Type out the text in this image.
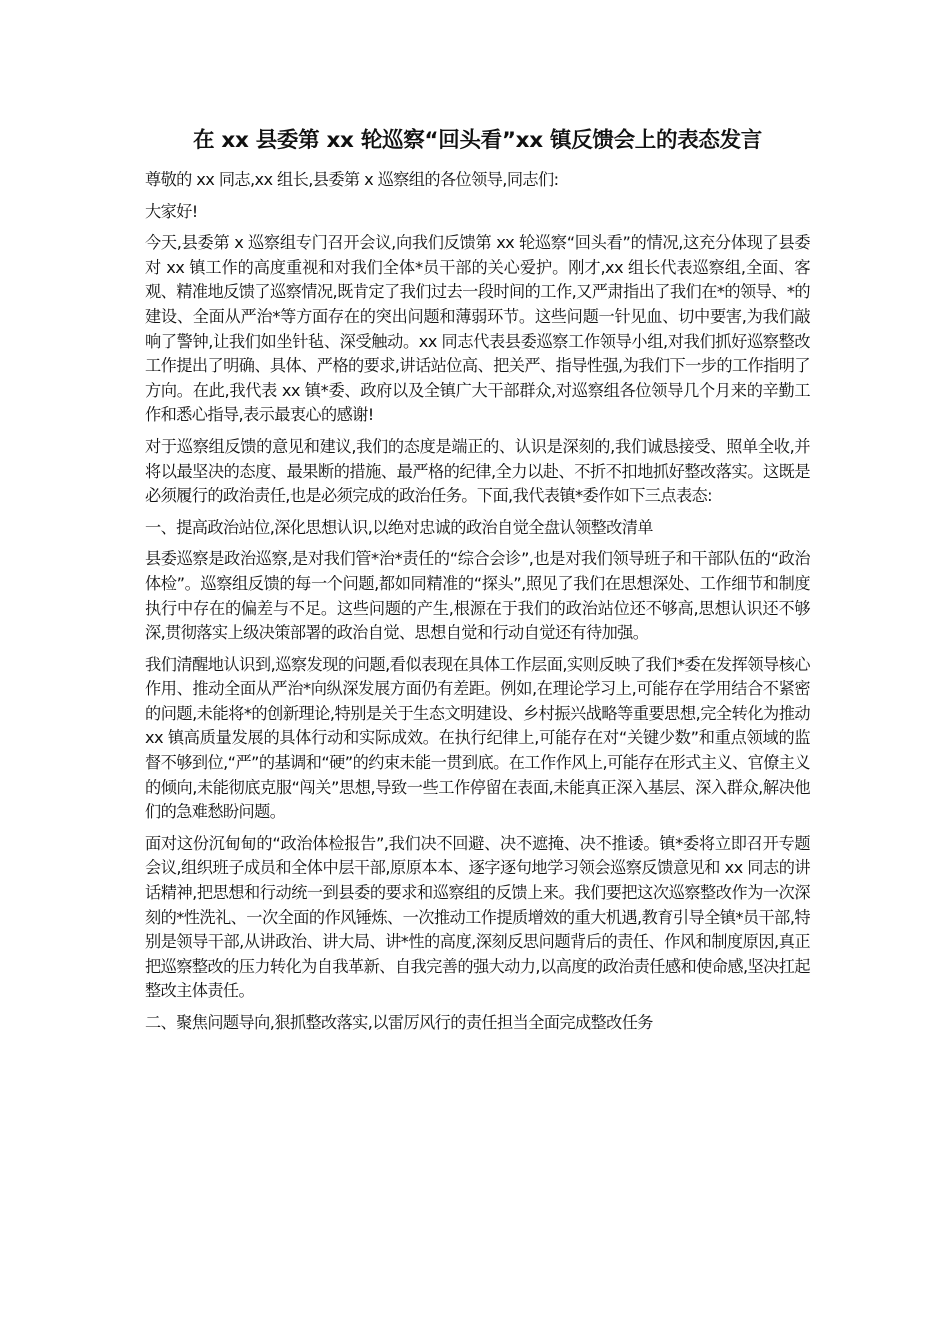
在 xx 县委第 xx 轮巡察“回头看”xx 镇反馈会上的表态发言

尊敬的 xx 同志,xx 组长,县委第 x 巡察组的各位领导,同志们:

大家好!

今天,县委第 x 巡察组专门召开会议,向我们反馈第 xx 轮巡察“回头看”的情况,这充分体现了县委对 xx 镇工作的高度重视和对我们全体*员干部的关心爱护。刚才,xx 组长代表巡察组,全面、客观、精准地反馈了巡察情况,既肯定了我们过去一段时间的工作,又严肃指出了我们在*的领导、*的建设、全面从严治*等方面存在的突出问题和薄弱环节。这些问题一针见血、切中要害,为我们敲响了警钟,让我们如坐针毡、深受触动。xx 同志代表县委巡察工作领导小组,对我们抓好巡察整改工作提出了明确、具体、严格的要求,讲话站位高、把关严、指导性强,为我们下一步的工作指明了方向。在此,我代表 xx 镇*委、政府以及全镇广大干部群众,对巡察组各位领导几个月来的辛勤工作和悉心指导,表示最衷心的感谢!

对于巡察组反馈的意见和建议,我们的态度是端正的、认识是深刻的,我们诚恳接受、照单全收,并将以最坚决的态度、最果断的措施、最严格的纪律,全力以赴、不折不扣地抓好整改落实。这既是必须履行的政治责任,也是必须完成的政治任务。下面,我代表镇*委作如下三点表态:

一、提高政治站位,深化思想认识,以绝对忠诚的政治自觉全盘认领整改清单

县委巡察是政治巡察,是对我们管*治*责任的“综合会诊”,也是对我们领导班子和干部队伍的“政治体检”。巡察组反馈的每一个问题,都如同精准的“探头”,照见了我们在思想深处、工作细节和制度执行中存在的偏差与不足。这些问题的产生,根源在于我们的政治站位还不够高,思想认识还不够深,贯彻落实上级决策部署的政治自觉、思想自觉和行动自觉还有待加强。

我们清醒地认识到,巡察发现的问题,看似表现在具体工作层面,实则反映了我们*委在发挥领导核心作用、推动全面从严治*向纵深发展方面仍有差距。例如,在理论学习上,可能存在学用结合不紧密的问题,未能将*的创新理论,特别是关于生态文明建设、乡村振兴战略等重要思想,完全转化为推动 xx 镇高质量发展的具体行动和实际成效。在执行纪律上,可能存在对“关键少数”和重点领域的监督不够到位,“严”的基调和“硬”的约束未能一贯到底。在工作作风上,可能存在形式主义、官僚主义的倾向,未能彻底克服“闯关”思想,导致一些工作停留在表面,未能真正深入基层、深入群众,解决他们的急难愁盼问题。

面对这份沉甸甸的“政治体检报告”,我们决不回避、决不遮掩、决不推诿。镇*委将立即召开专题会议,组织班子成员和全体中层干部,原原本本、逐字逐句地学习领会巡察反馈意见和 xx 同志的讲话精神,把思想和行动统一到县委的要求和巡察组的反馈上来。我们要把这次巡察整改作为一次深刻的*性洗礼、一次全面的作风锤炼、一次推动工作提质增效的重大机遇,教育引导全镇*员干部,特别是领导干部,从讲政治、讲大局、讲*性的高度,深刻反思问题背后的责任、作风和制度原因,真正把巡察整改的压力转化为自我革新、自我完善的强大动力,以高度的政治责任感和使命感,坚决扛起整改主体责任。

二、聚焦问题导向,狠抓整改落实,以雷厉风行的责任担当全面完成整改任务
